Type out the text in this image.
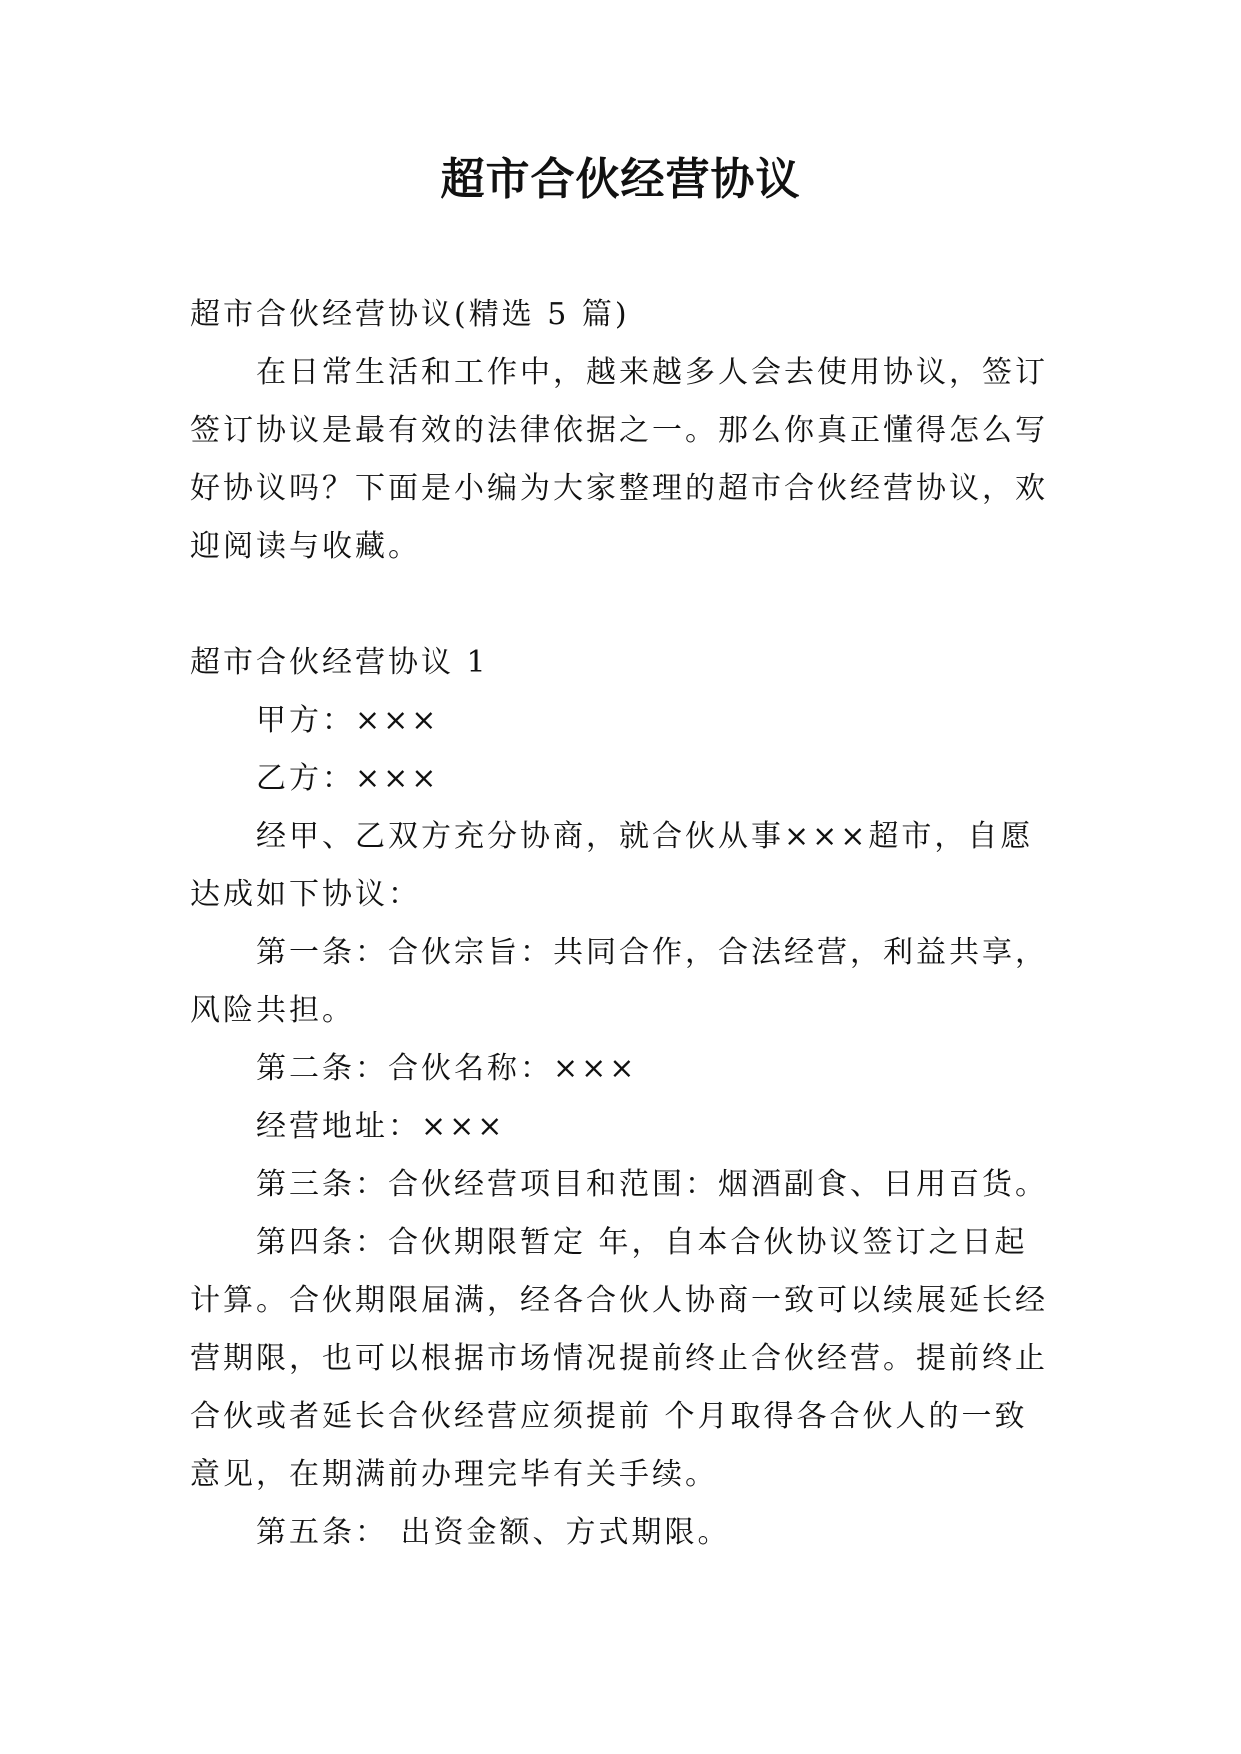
超市合伙经营协议
超市合伙经营协议(精选 5 篇)
在日常生活和工作中，越来越多人会去使用协议，签订
签订协议是最有效的法律依据之一。那么你真正懂得怎么写
好协议吗？下面是小编为大家整理的超市合伙经营协议，欢
迎阅读与收藏。
超市合伙经营协议 1
甲方：×××
乙方：×××
经甲、乙双方充分协商，就合伙从事×××超市，自愿
达成如下协议：
第一条：合伙宗旨：共同合作，合法经营，利益共享，
风险共担。
第二条：合伙名称：×××
经营地址：×××
第三条：合伙经营项目和范围：烟酒副食、日用百货。
第四条：合伙期限暂定 年，自本合伙协议签订之日起
计算。合伙期限届满，经各合伙人协商一致可以续展延长经
营期限，也可以根据市场情况提前终止合伙经营。提前终止
合伙或者延长合伙经营应须提前 个月取得各合伙人的一致
意见，在期满前办理完毕有关手续。
第五条： 出资金额、方式期限。
